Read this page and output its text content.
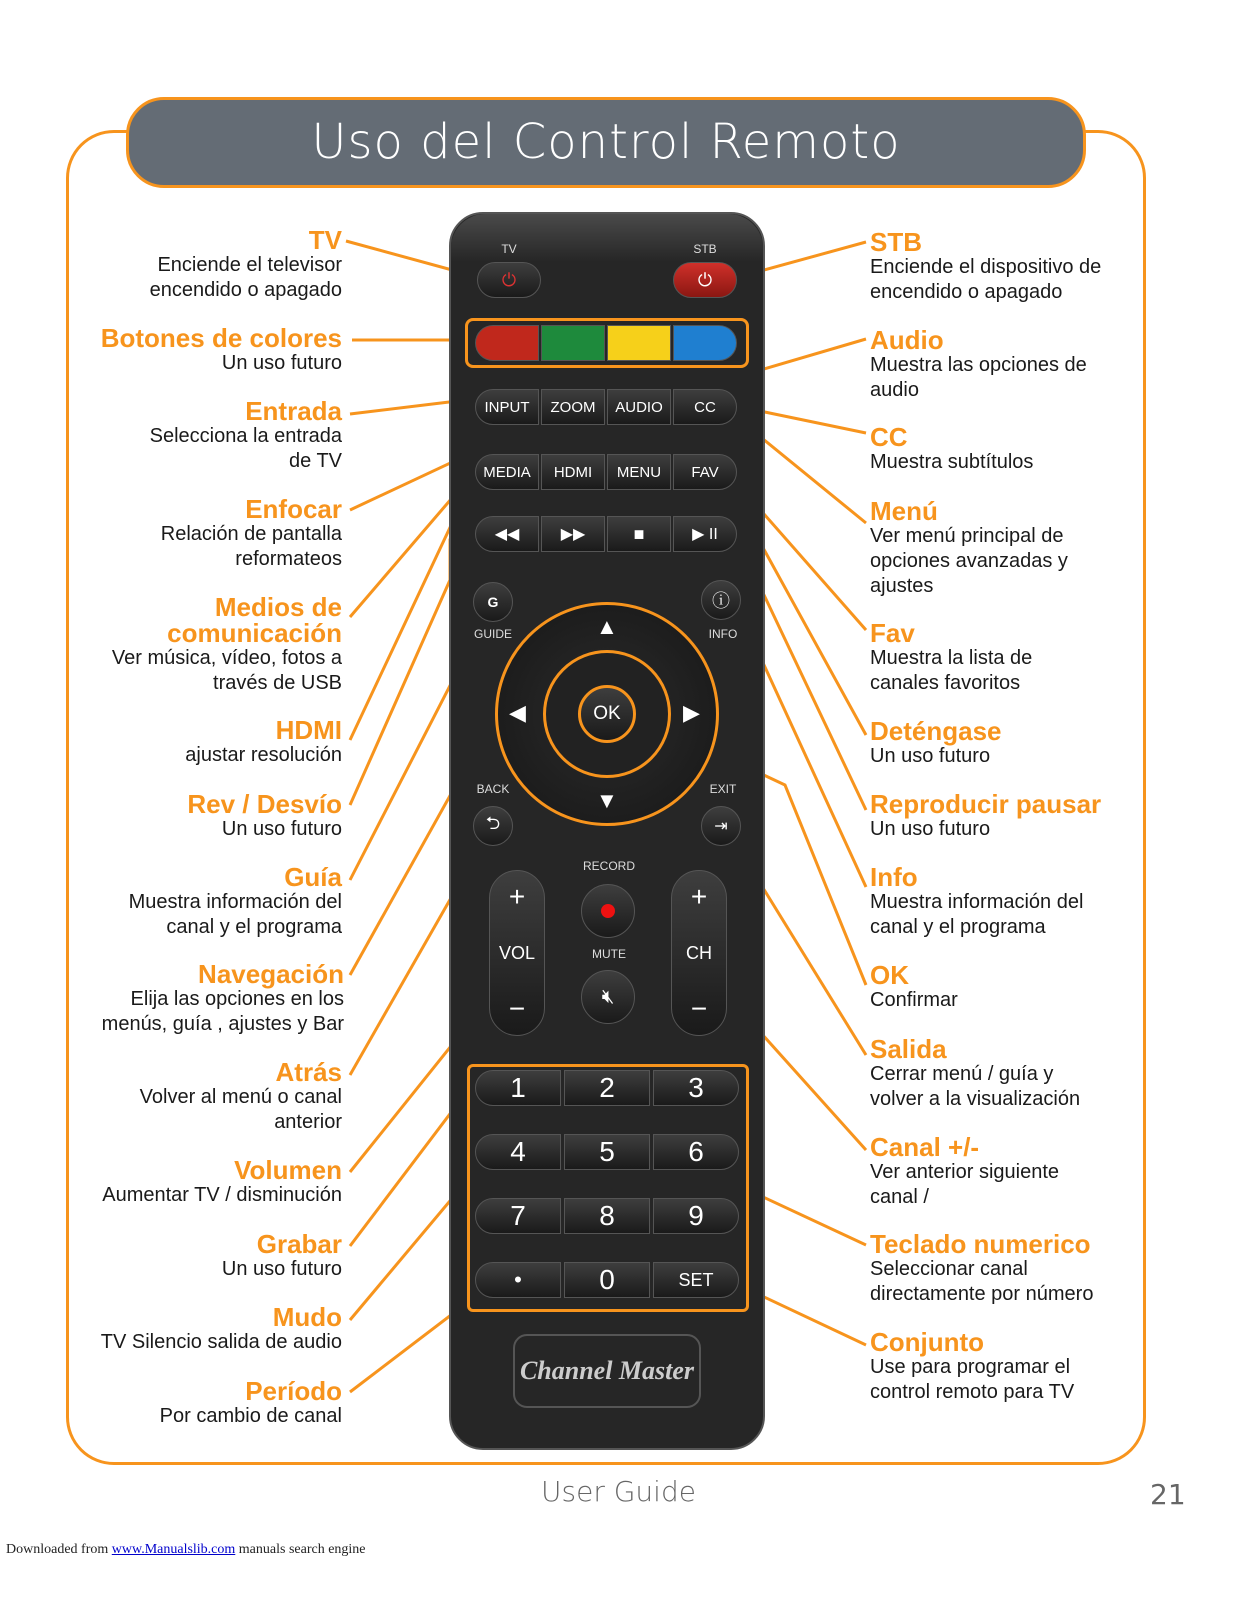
Uso del Control Remoto
TV	STB
⏻	⏻
INPUT	ZOOM	AUDIO	CC
MEDIA	HDMI	MENU	FAV
◀◀	▶▶	■	▶ II
G
GUIDE
ⓘ
INFO
▲
▼
◀	▶
OK
BACK
⮌
EXIT
⇥
RECORD
MUTE
🔇︎
+
VOL
−
+
CH
−
1	2	3
4	5	6
7	8	9
•	0	SET
Channel Master
TV
Enciende el televisor
encendido o apagado
Botones de colores
Un uso futuro
Entrada
Selecciona la entrada
de TV
Enfocar
Relación de pantalla
reformateos
Medios de
comunicación
Ver música, vídeo, fotos a
través de USB
HDMI
ajustar resolución
Rev / Desvío
Un uso futuro
Guía
Muestra información del
canal y el programa
Navegación
Elija las opciones en los
menús, guía , ajustes y Bar
Atrás
Volver al menú o canal
anterior
Volumen
Aumentar TV / disminución
Grabar
Un uso futuro
Mudo
TV Silencio salida de audio
Período
Por cambio de canal
STB
Enciende el dispositivo de
encendido o apagado
Audio
Muestra las opciones de
audio
CC
Muestra subtítulos
Menú
Ver menú principal de
opciones avanzadas y
ajustes
Fav
Muestra la lista de
canales favoritos
Deténgase
Un uso futuro
Reproducir pausar
Un uso futuro
Info
Muestra información del
canal y el programa
OK
Confirmar
Salida
Cerrar menú / guía y
volver a la visualización
Canal +/-
Ver anterior siguiente
canal /
Teclado numerico
Seleccionar canal
directamente por número
Conjunto
Use para programar el
control remoto para TV
User Guide	21
Downloaded from www.Manualslib.com manuals search engine
